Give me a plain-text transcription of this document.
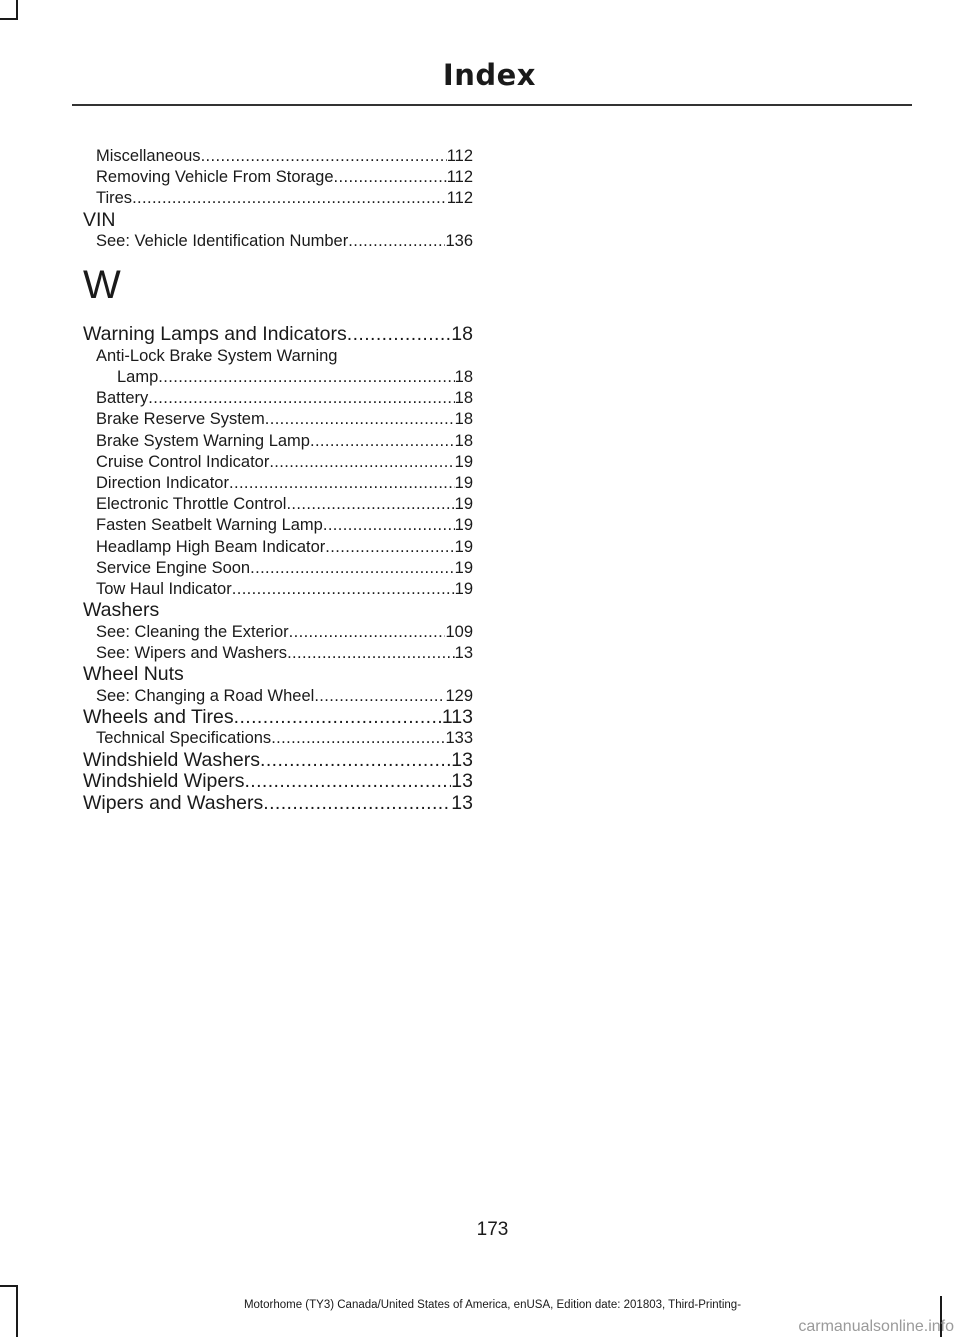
Index
Miscellaneous .....	112
Removing Vehicle From Storage .....	112
Tires .....	112
VIN
See: Vehicle Identification Number .....	136
W
Warning Lamps and Indicators .....	18
Anti-Lock Brake System Warning
Lamp .....	18
Battery .....	18
Brake Reserve System .....	18
Brake System Warning Lamp .....	18
Cruise Control Indicator .....	19
Direction Indicator .....	19
Electronic Throttle Control .....	19
Fasten Seatbelt Warning Lamp .....	19
Headlamp High Beam Indicator .....	19
Service Engine Soon .....	19
Tow Haul Indicator .....	19
Washers
See: Cleaning the Exterior .....	109
See: Wipers and Washers .....	13
Wheel Nuts
See: Changing a Road Wheel .....	129
Wheels and Tires .....	113
Technical Specifications .....	133
Windshield Washers .....	13
Windshield Wipers .....	13
Wipers and Washers .....	13
173
Motorhome (TY3) Canada/United States of America, enUSA, Edition date: 201803, Third-Printing-
carmanualsonline.info
